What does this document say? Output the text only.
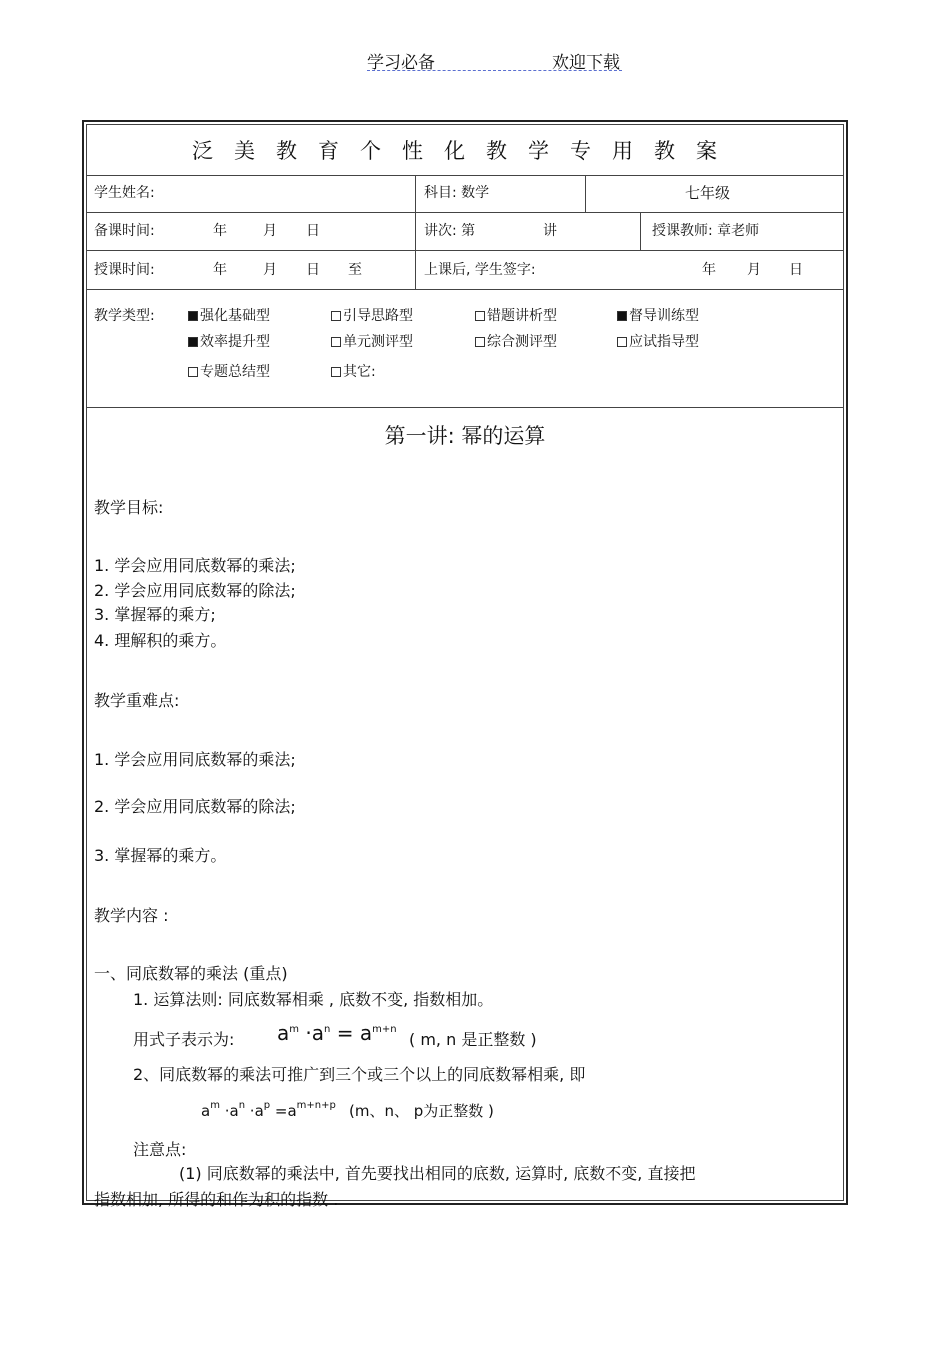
学习必备	欢迎下载
泛美教育个性化教学专用教案
学生姓名:	科目: 数学	七年级
备课时间:	年	月 日	讲次: 第	讲	授课教师: 章老师
授课时间:	年	月 日 至	上课后, 学生签字:	年 月 日
教学类型:	强化基础型	引导思路型	错题讲析型	督导训练型
效率提升型	单元测评型	综合测评型	应试指导型
专题总结型	其它:
第一讲: 幂的运算
教学目标:
1. 学会应用同底数幂的乘法;
2. 学会应用同底数幂的除法;
3. 掌握幂的乘方;
4. 理解积的乘方。
教学重难点:
1. 学会应用同底数幂的乘法;
2. 学会应用同底数幂的除法;
3. 掌握幂的乘方。
教学内容 :
一、同底数幂的乘法 (重点)
1. 运算法则: 同底数幂相乘 , 底数不变, 指数相加。
用式子表示为: $a^m \cdot a^n = a^{m+n}$
( m, n 是正整数 )
2、同底数幂的乘法可推广到三个或三个以上的同底数幂相乘, 即
$a^m \cdot a^n \cdot a^p =a^{m+n+p}$ (m、n、 p为正整数 )
注意点:
(1) 同底数幂的乘法中, 首先要找出相同的底数, 运算时, 底数不变, 直接把
指数相加, 所得的和作为积的指数 .
